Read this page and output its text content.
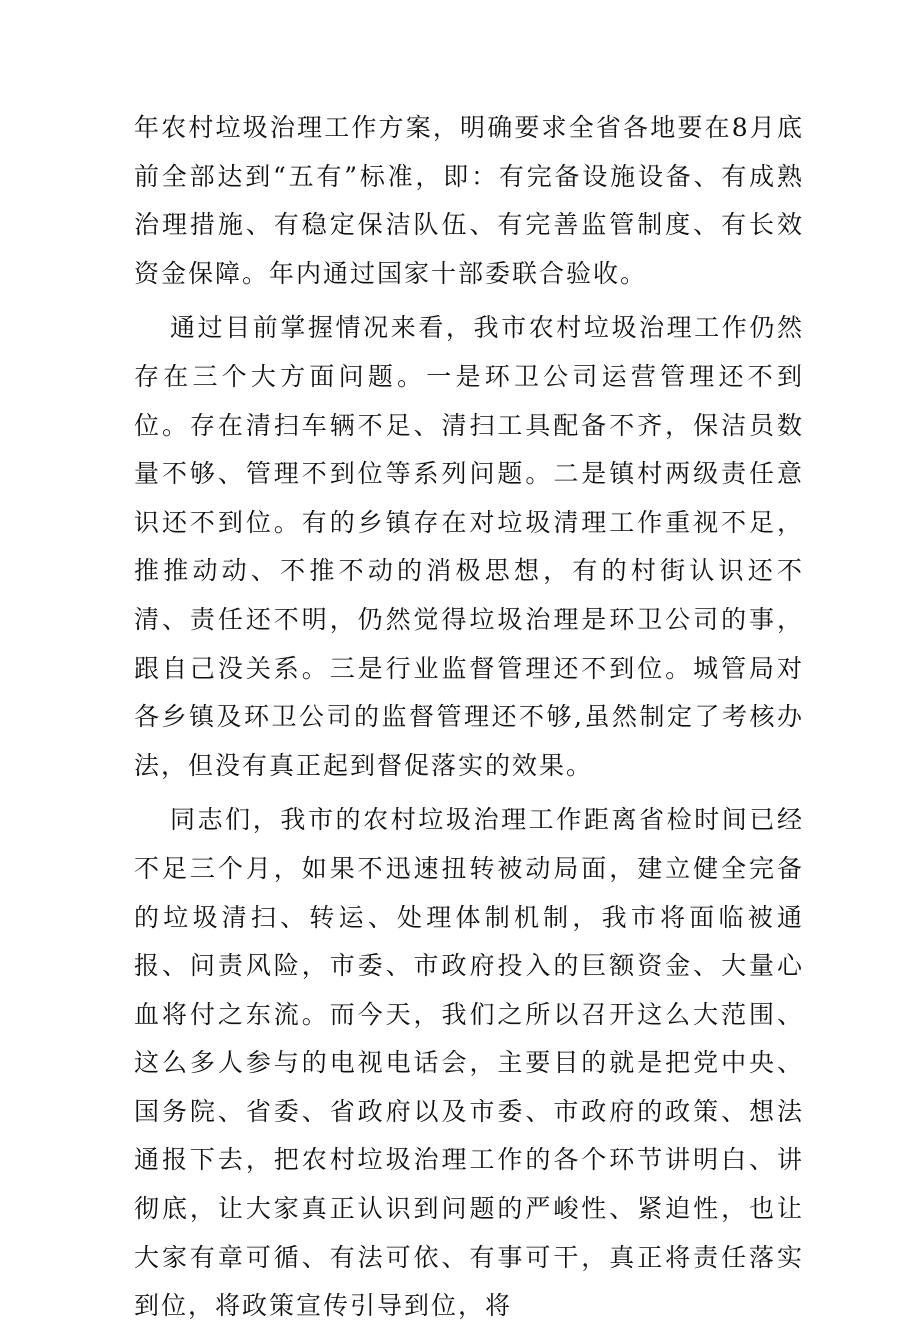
年农村垃圾治理工作方案，明确要求全省各地要在8月底前全部达到“五有”标准，即：有完备设施设备、有成熟治理措施、有稳定保洁队伍、有完善监管制度、有长效资金保障。年内通过国家十部委联合验收。

通过目前掌握情况来看，我市农村垃圾治理工作仍然存在三个大方面问题。一是环卫公司运营管理还不到位。存在清扫车辆不足、清扫工具配备不齐，保洁员数量不够、管理不到位等系列问题。二是镇村两级责任意识还不到位。有的乡镇存在对垃圾清理工作重视不足，推推动动、不推不动的消极思想，有的村街认识还不清、责任还不明，仍然觉得垃圾治理是环卫公司的事，跟自己没关系。三是行业监督管理还不到位。城管局对各乡镇及环卫公司的监督管理还不够,虽然制定了考核办法，但没有真正起到督促落实的效果。

同志们，我市的农村垃圾治理工作距离省检时间已经不足三个月，如果不迅速扭转被动局面，建立健全完备的垃圾清扫、转运、处理体制机制，我市将面临被通报、问责风险，市委、市政府投入的巨额资金、大量心血将付之东流。而今天，我们之所以召开这么大范围、这么多人参与的电视电话会，主要目的就是把党中央、国务院、省委、省政府以及市委、市政府的政策、想法通报下去，把农村垃圾治理工作的各个环节讲明白、讲彻底，让大家真正认识到问题的严峻性、紧迫性，也让大家有章可循、有法可依、有事可干，真正将责任落实到位，将政策宣传引导到位，将
